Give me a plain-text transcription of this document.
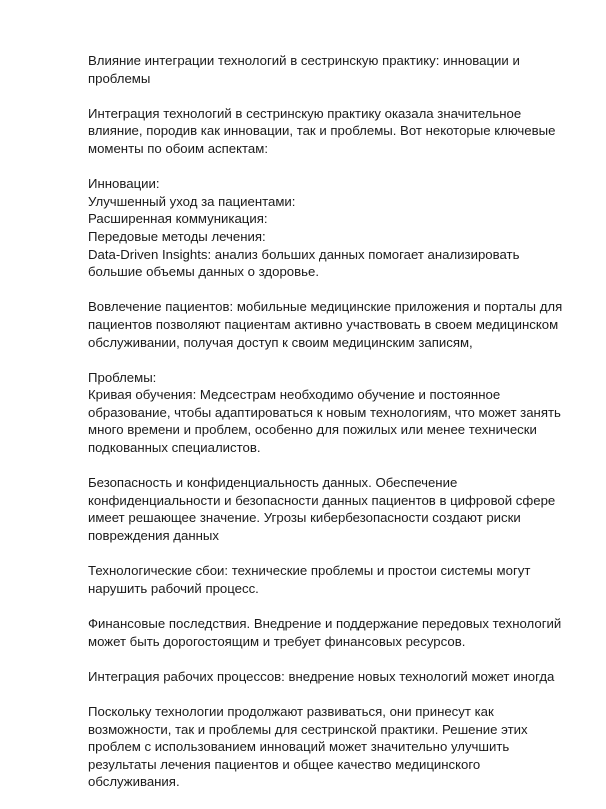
Влияние интеграции технологий в сестринскую практику: инновации и
проблемы

Интеграция технологий в сестринскую практику оказала значительное
влияние, породив как инновации, так и проблемы. Вот некоторые ключевые
моменты по обоим аспектам:

Инновации:
Улучшенный уход за пациентами:
Расширенная коммуникация:
Передовые методы лечения:
Data-Driven Insights: анализ больших данных помогает анализировать
большие объемы данных о здоровье.

Вовлечение пациентов: мобильные медицинские приложения и порталы для
пациентов позволяют пациентам активно участвовать в своем медицинском
обслуживании, получая доступ к своим медицинским записям,

Проблемы:
Кривая обучения: Медсестрам необходимо обучение и постоянное
образование, чтобы адаптироваться к новым технологиям, что может занять
много времени и проблем, особенно для пожилых или менее технически
подкованных специалистов.

Безопасность и конфиденциальность данных. Обеспечение
конфиденциальности и безопасности данных пациентов в цифровой сфере
имеет решающее значение. Угрозы кибербезопасности создают риски
повреждения данных

Технологические сбои: технические проблемы и простои системы могут
нарушить рабочий процесс.

Финансовые последствия. Внедрение и поддержание передовых технологий
может быть дорогостоящим и требует финансовых ресурсов.

Интеграция рабочих процессов: внедрение новых технологий может иногда

Поскольку технологии продолжают развиваться, они принесут как
возможности, так и проблемы для сестринской практики. Решение этих
проблем с использованием инноваций может значительно улучшить
результаты лечения пациентов и общее качество медицинского
обслуживания.
